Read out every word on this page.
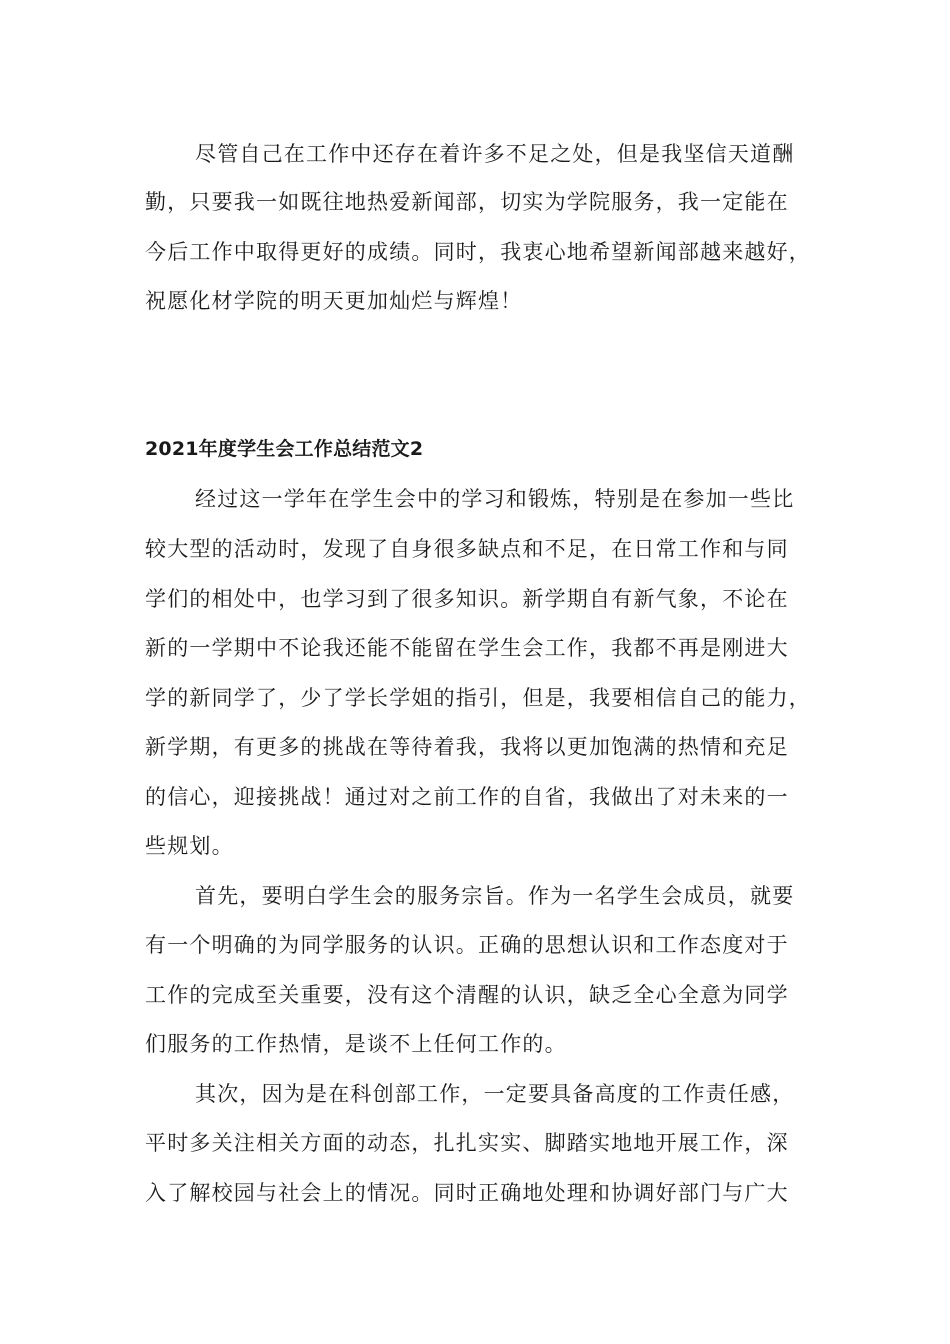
尽管自己在工作中还存在着许多不足之处，但是我坚信天道酬
勤，只要我一如既往地热爱新闻部，切实为学院服务，我一定能在
今后工作中取得更好的成绩。同时，我衷心地希望新闻部越来越好，
祝愿化材学院的明天更加灿烂与辉煌！
2021年度学生会工作总结范文2
经过这一学年在学生会中的学习和锻炼，特别是在参加一些比
较大型的活动时，发现了自身很多缺点和不足，在日常工作和与同
学们的相处中，也学习到了很多知识。新学期自有新气象，不论在
新的一学期中不论我还能不能留在学生会工作，我都不再是刚进大
学的新同学了，少了学长学姐的指引，但是，我要相信自己的能力，
新学期，有更多的挑战在等待着我，我将以更加饱满的热情和充足
的信心，迎接挑战！通过对之前工作的自省，我做出了对未来的一
些规划。
首先，要明白学生会的服务宗旨。作为一名学生会成员，就要
有一个明确的为同学服务的认识。正确的思想认识和工作态度对于
工作的完成至关重要，没有这个清醒的认识，缺乏全心全意为同学
们服务的工作热情，是谈不上任何工作的。
其次，因为是在科创部工作，一定要具备高度的工作责任感，
平时多关注相关方面的动态，扎扎实实、脚踏实地地开展工作，深
入了解校园与社会上的情况。同时正确地处理和协调好部门与广大
